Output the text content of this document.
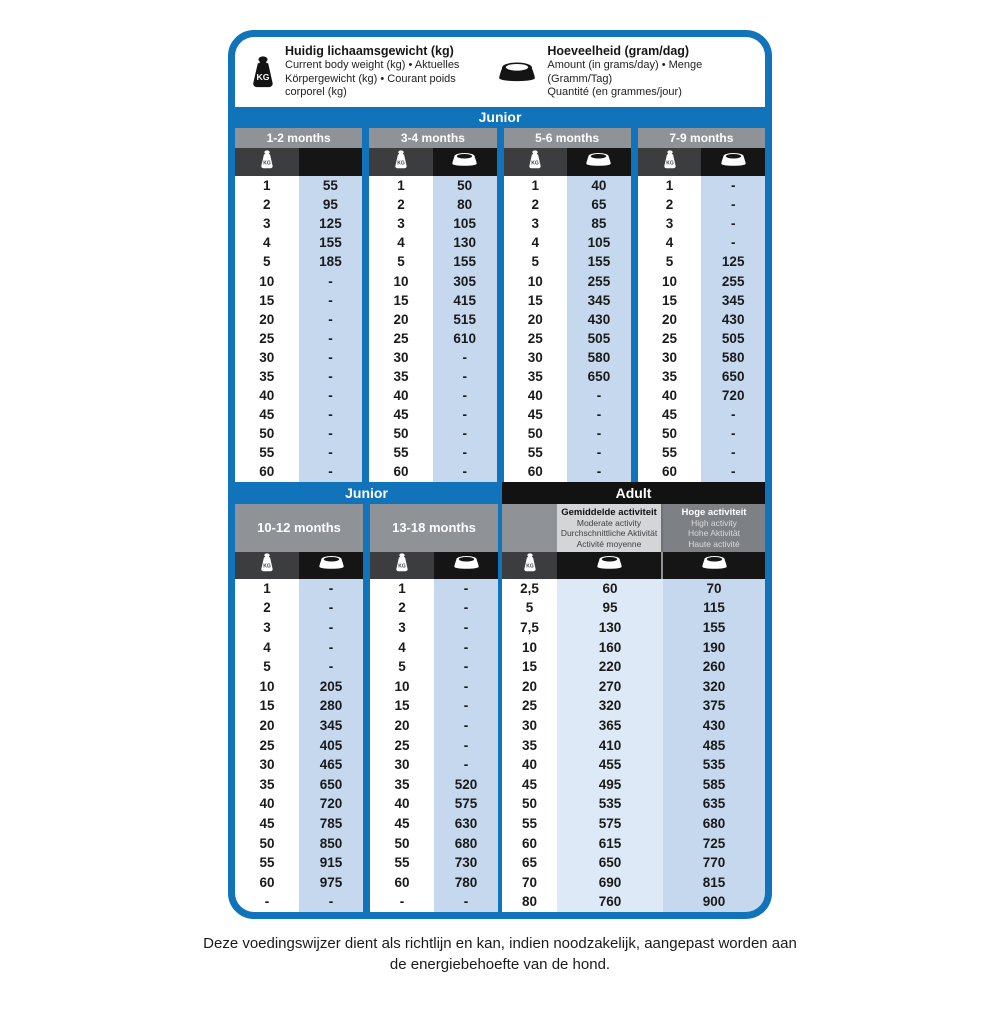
KG
Huidig lichaamsgewicht (kg)
Current body weight (kg) • Aktuelles
Körpergewicht (kg) • Courant poids corporel (kg)
Hoeveelheid (gram/dag)
Amount (in grams/day) • Menge (Gramm/Tag)
Quantité (en grammes/jour)
Junior
1-2 months
KG
1	55
2	95
3	125
4	155
5	185
10	-
15	-
20	-
25	-
30	-
35	-
40	-
45	-
50	-
55	-
60	-
3-4 months
KG
1	50
2	80
3	105
4	130
5	155
10	305
15	415
20	515
25	610
30	-
35	-
40	-
45	-
50	-
55	-
60	-
5-6 months
KG
1	40
2	65
3	85
4	105
5	155
10	255
15	345
20	430
25	505
30	580
35	650
40	-
45	-
50	-
55	-
60	-
7-9 months
KG
1	-
2	-
3	-
4	-
5	125
10	255
15	345
20	430
25	505
30	580
35	650
40	720
45	-
50	-
55	-
60	-
Junior	Adult
10-12 months
KG
1	-
2	-
3	-
4	-
5	-
10	205
15	280
20	345
25	405
30	465
35	650
40	720
45	785
50	850
55	915
60	975
-	-
13-18 months
KG
1	-
2	-
3	-
4	-
5	-
10	-
15	-
20	-
25	-
30	-
35	520
40	575
45	630
50	680
55	730
60	780
-	-
Gemiddelde activiteit
Moderate activity
Durchschnittliche Aktivität
Activité moyenne
Hoge activiteit
High activity
Hohe Aktivität
Haute activité
KG
2,5	60	70
5	95	115
7,5	130	155
10	160	190
15	220	260
20	270	320
25	320	375
30	365	430
35	410	485
40	455	535
45	495	585
50	535	635
55	575	680
60	615	725
65	650	770
70	690	815
80	760	900
Deze voedingswijzer dient als richtlijn en kan, indien noodzakelijk, aangepast worden aan de energiebehoefte van de hond.
